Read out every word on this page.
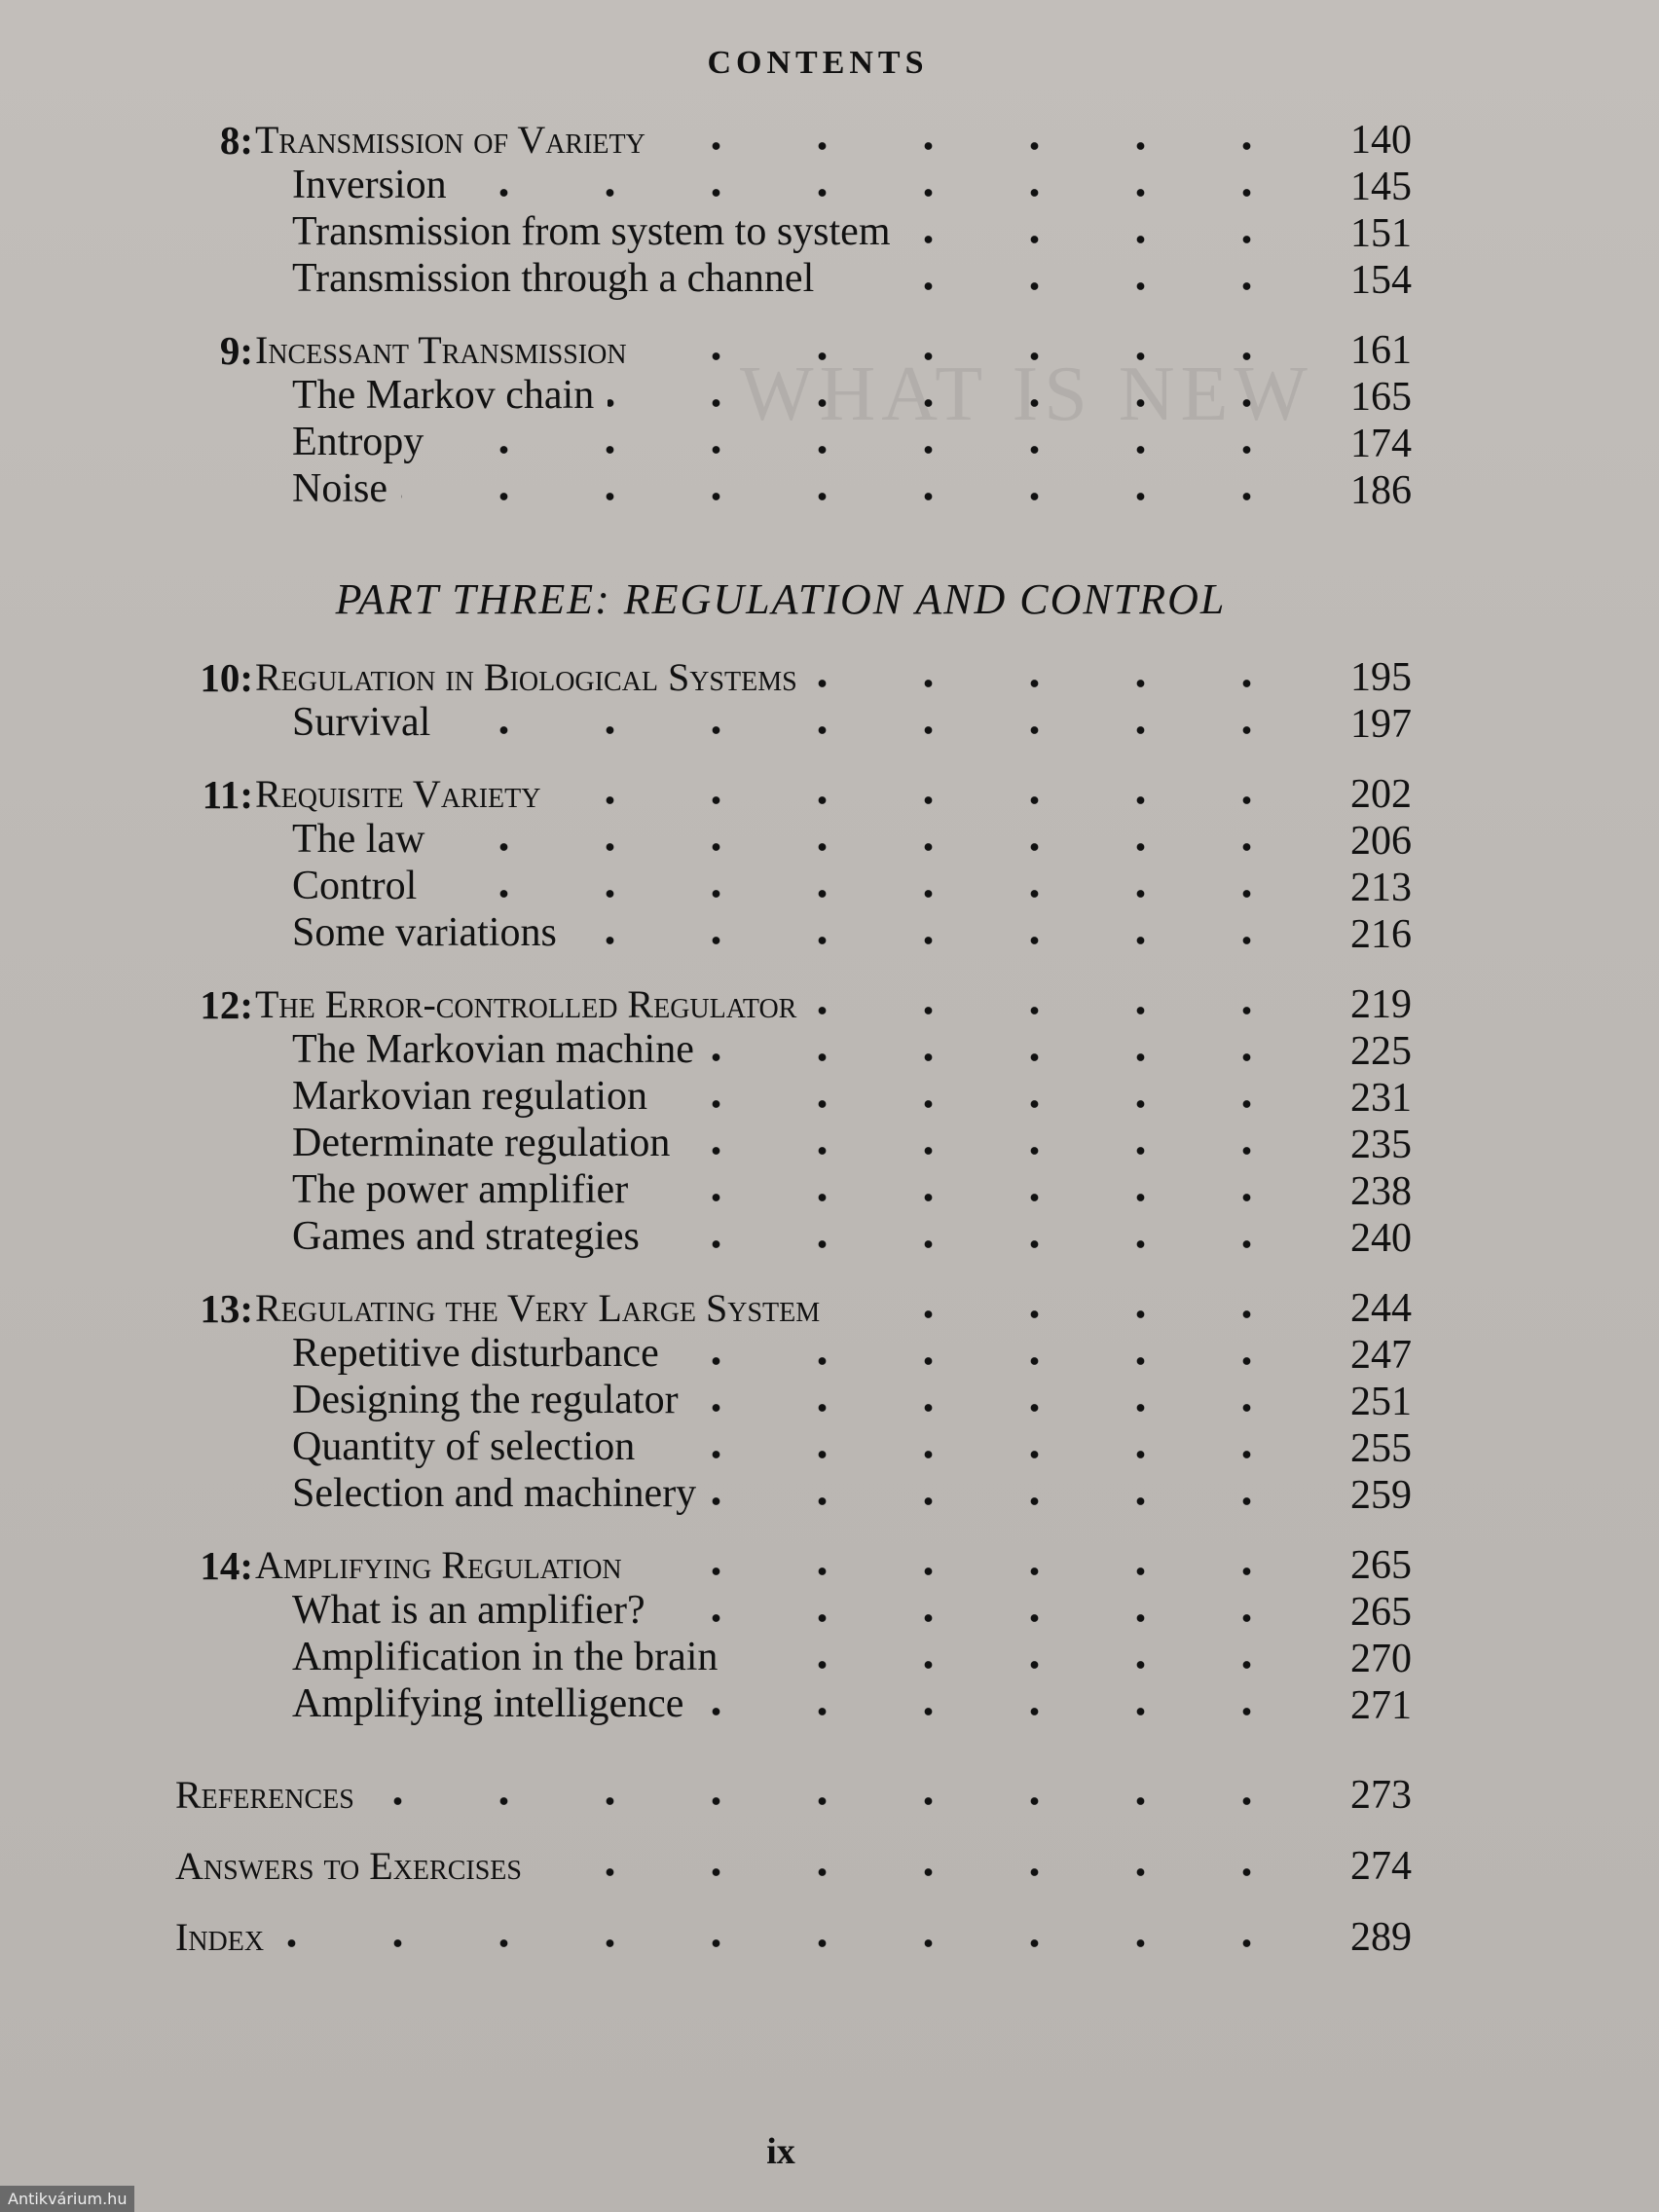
CONTENTS
8: Transmission of Variety	140
Inversion	145
Transmission from system to system	151
Transmission through a channel	154
9: Incessant Transmission	161
The Markov chain	165
Entropy	174
Noise	186
PART THREE: REGULATION AND CONTROL
10: Regulation in Biological Systems	195
Survival	197
11: Requisite Variety	202
The law	206
Control	213
Some variations	216
12: The Error-controlled Regulator	219
The Markovian machine	225
Markovian regulation	231
Determinate regulation	235
The power amplifier	238
Games and strategies	240
13: Regulating the Very Large System	244
Repetitive disturbance	247
Designing the regulator	251
Quantity of selection	255
Selection and machinery	259
14: Amplifying Regulation	265
What is an amplifier?	265
Amplification in the brain	270
Amplifying intelligence	271
References	273
Answers to Exercises	274
Index	289
ix
Antikvárium.hu
